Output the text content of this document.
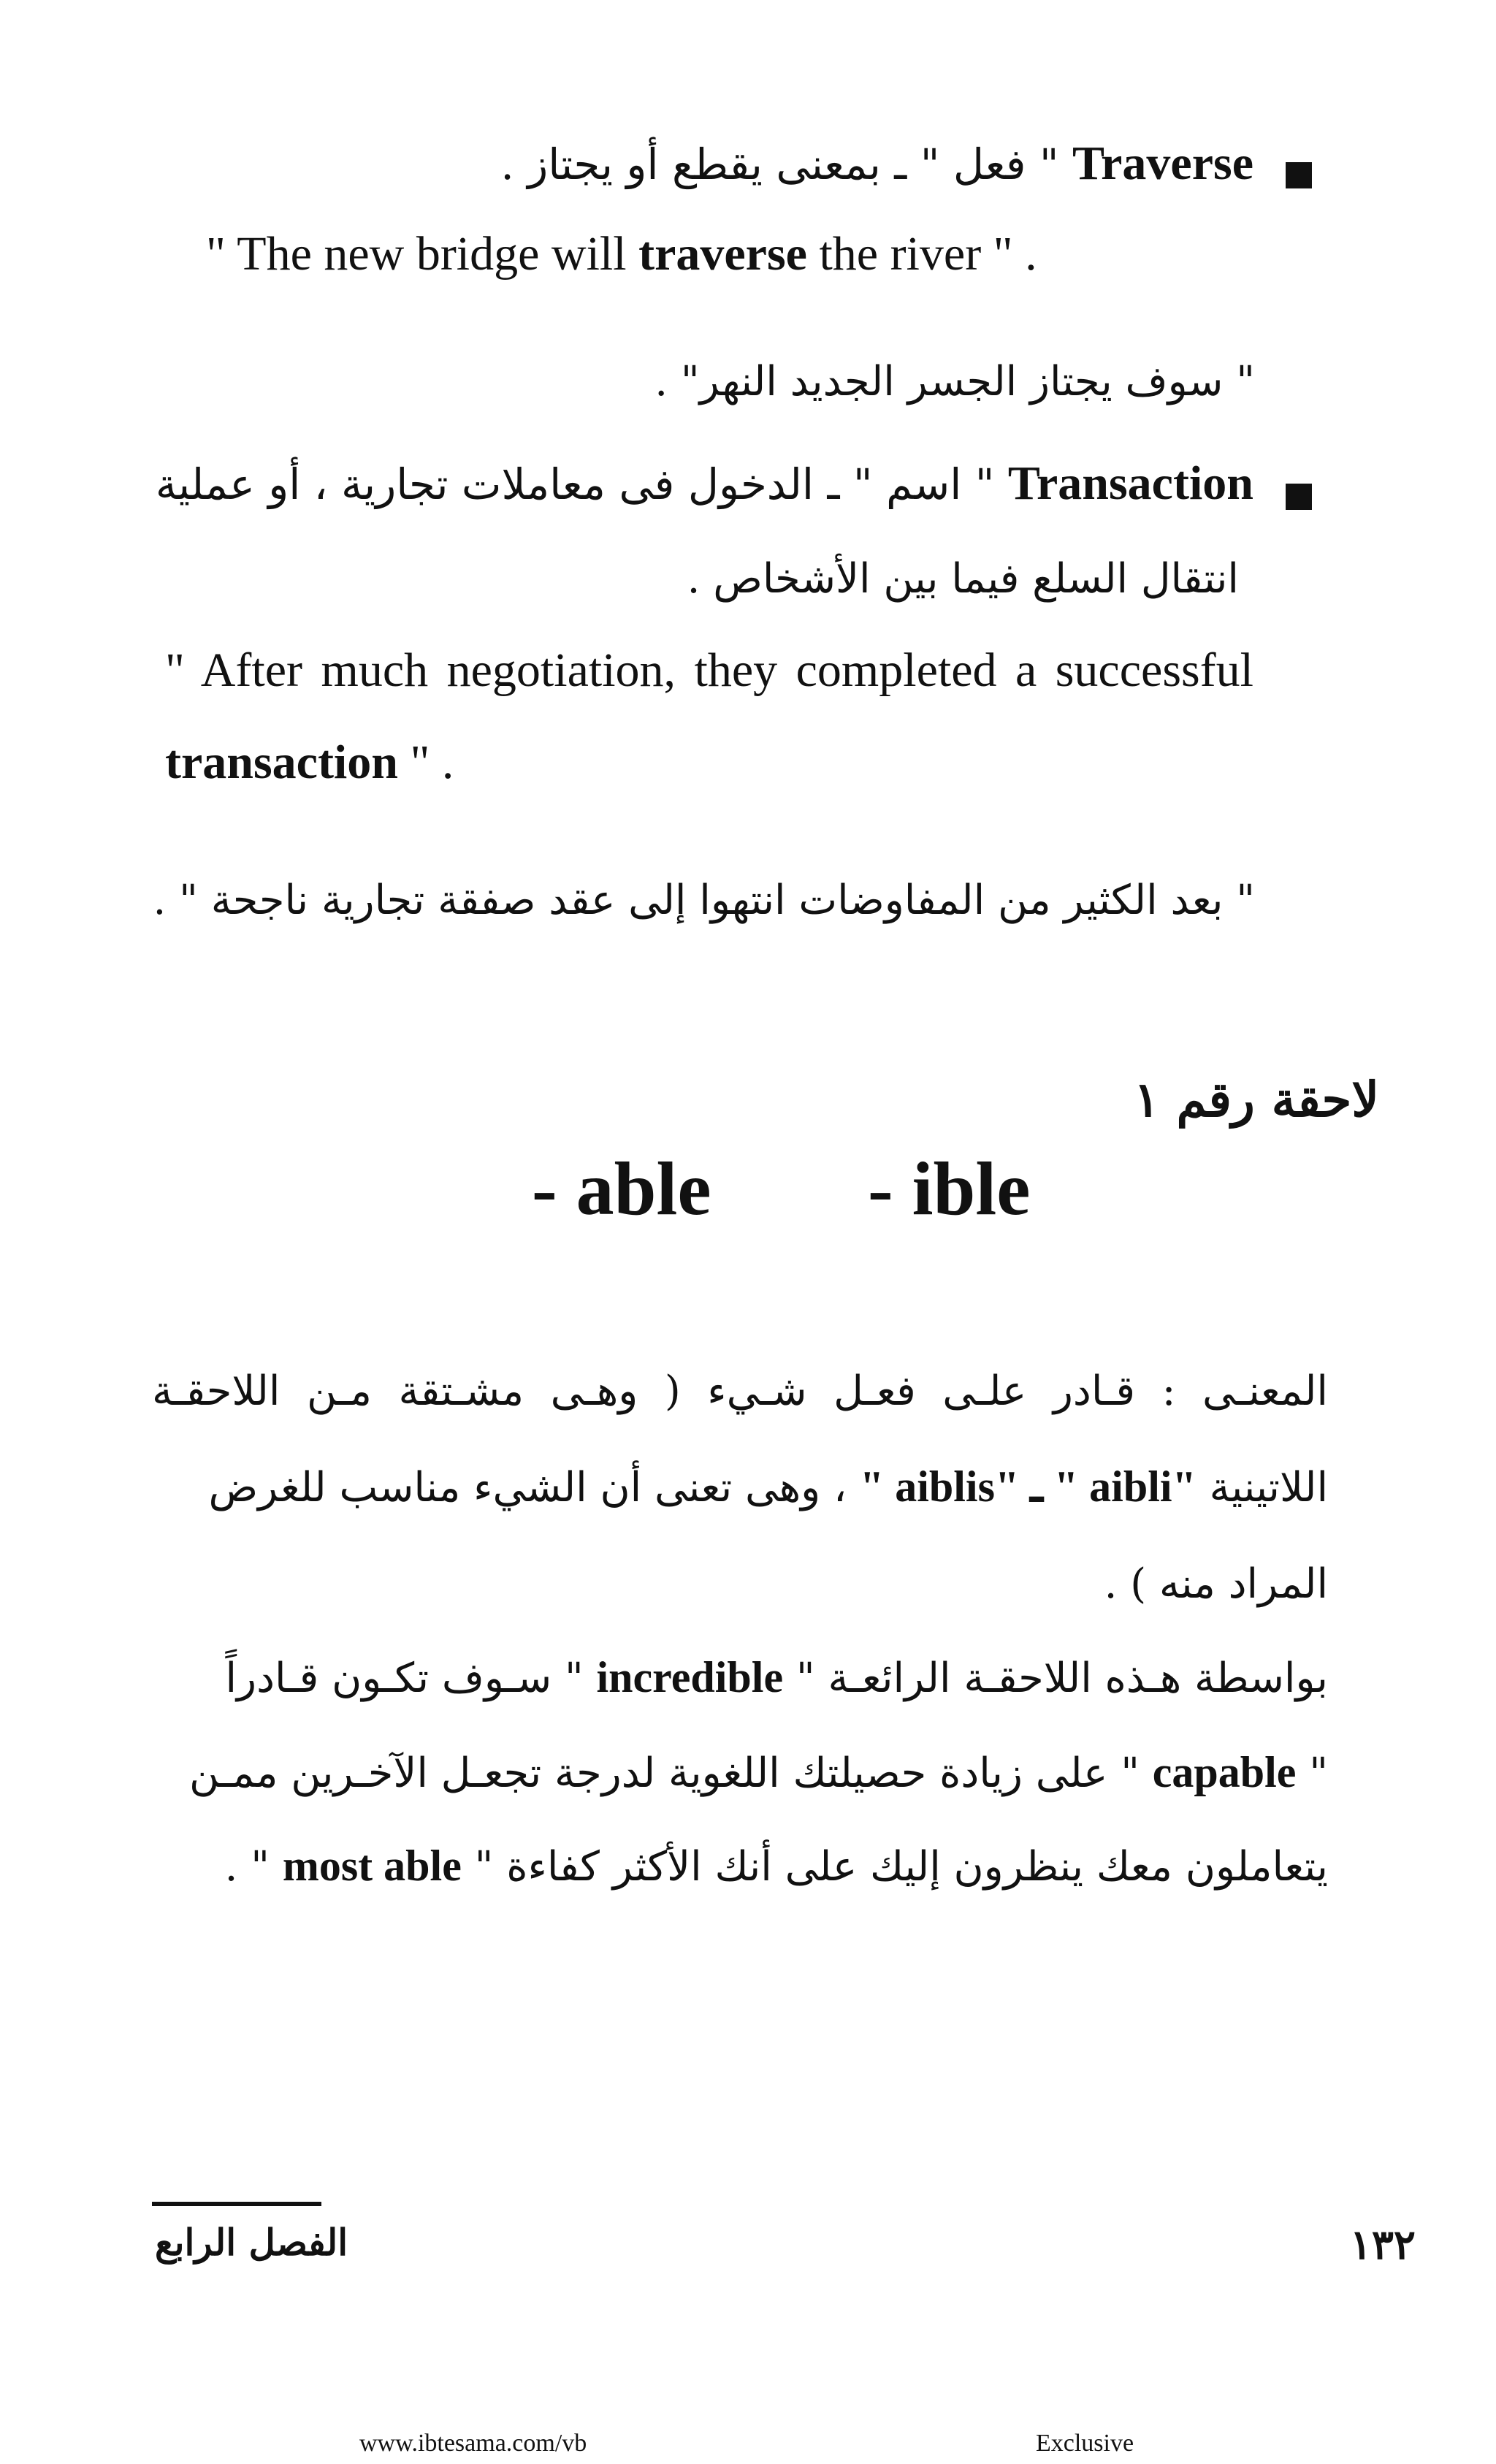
Traverse " فعل " ـ بمعنى يقطع أو يجتاز .
" The new bridge will traverse the river " .
" سوف يجتاز الجسر الجديد النهر" .
Transaction " اسم " ـ الدخول فى معاملات تجارية ، أو عملية
انتقال السلع فيما بين الأشخاص .
" After much negotiation, they completed a successful
transaction " .
" بعد الكثير من المفاوضات انتهوا إلى عقد صفقة تجارية ناجحة " .
لاحقة رقم ١
- able - ible
المعنـى : قـادر علـى فعـل شـيء ( وهـى مشـتقة مـن اللاحقـة
اللاتينية "aibli " ـ "aiblis " ، وهى تعنى أن الشيء مناسب للغرض
المراد منه ) .
بواسطة هـذه اللاحقـة الرائعـة " incredible " سـوف تكـون قـادراً
" capable " على زيادة حصيلتك اللغوية لدرجة تجعـل الآخـرين ممـن
يتعاملون معك ينظرون إليك على أنك الأكثر كفاءة " most able " .
الفصل الرابع	١٣٢
www.ibtesama.com/vb	Exclusive
